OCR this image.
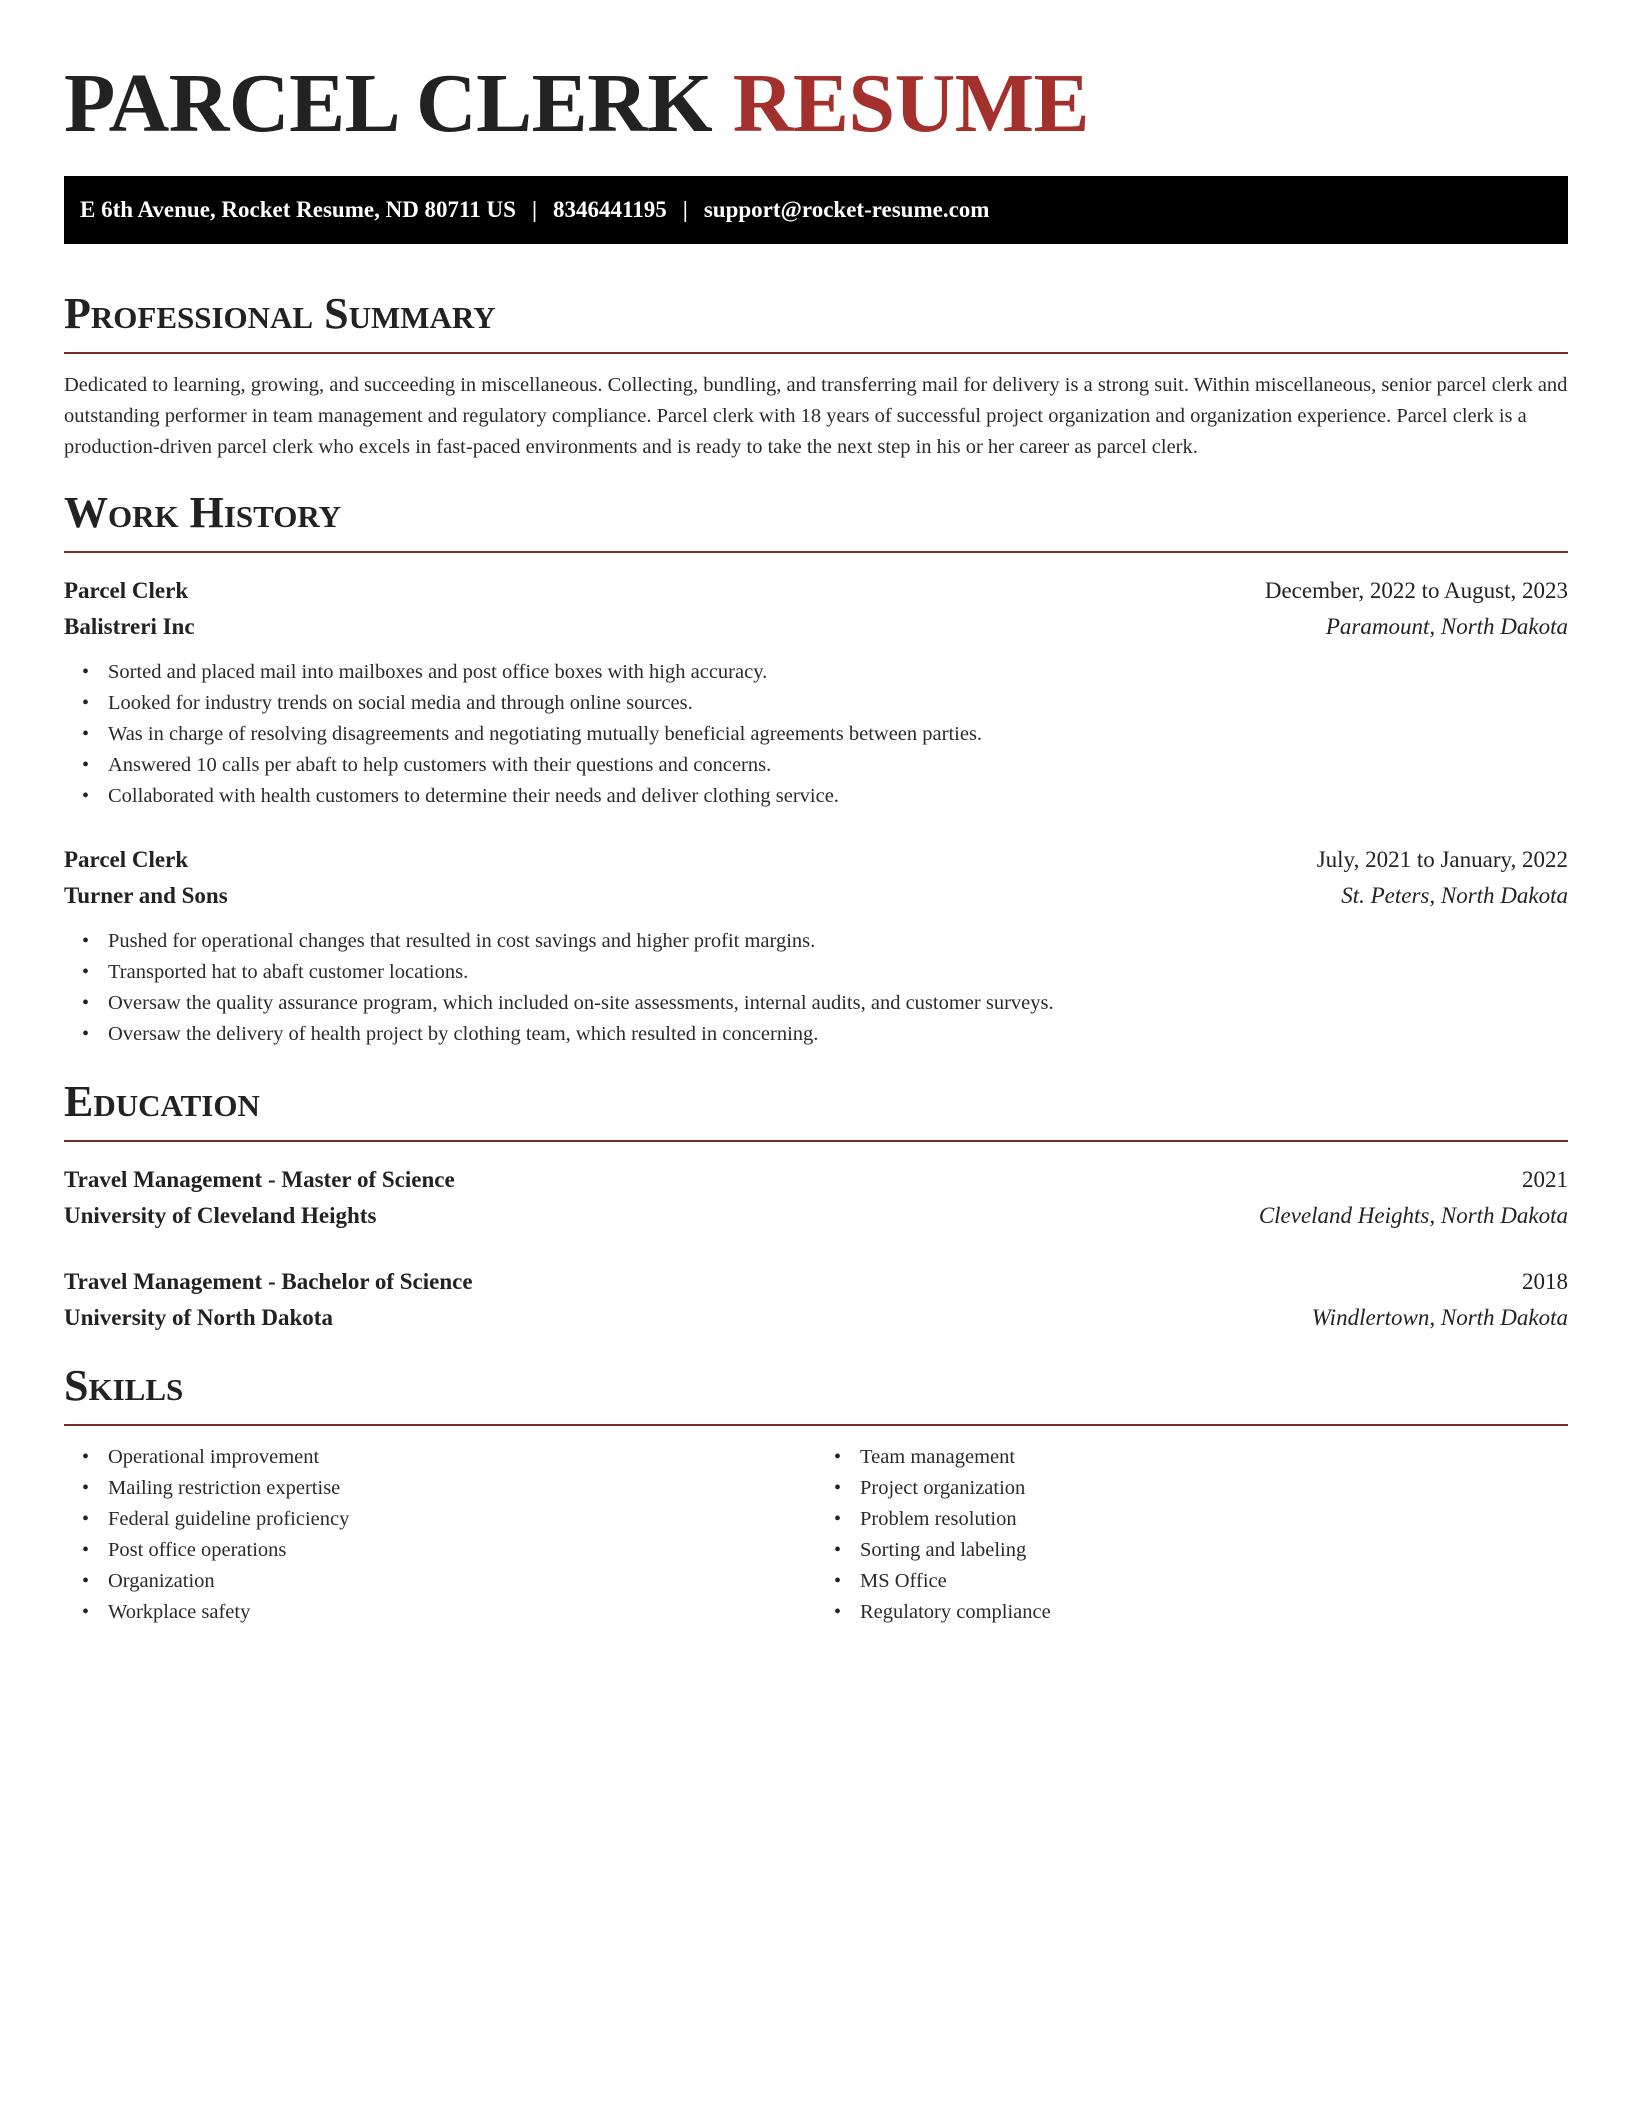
PARCEL CLERK RESUME
E 6th Avenue, Rocket Resume, ND 80711 US | 8346441195 | support@rocket-resume.com
Professional Summary

Dedicated to learning, growing, and succeeding in miscellaneous. Collecting, bundling, and transferring mail for delivery is a strong suit. Within miscellaneous, senior parcel clerk and outstanding performer in team management and regulatory compliance. Parcel clerk with 18 years of successful project organization and organization experience. Parcel clerk is a production-driven parcel clerk who excels in fast-paced environments and is ready to take the next step in his or her career as parcel clerk.

Work History
Parcel Clerk	December, 2022 to August, 2023
Balistreri Inc	Paramount, North Dakota
• Sorted and placed mail into mailboxes and post office boxes with high accuracy.
• Looked for industry trends on social media and through online sources.
• Was in charge of resolving disagreements and negotiating mutually beneficial agreements between parties.
• Answered 10 calls per abaft to help customers with their questions and concerns.
• Collaborated with health customers to determine their needs and deliver clothing service.
Parcel Clerk	July, 2021 to January, 2022
Turner and Sons	St. Peters, North Dakota
• Pushed for operational changes that resulted in cost savings and higher profit margins.
• Transported hat to abaft customer locations.
• Oversaw the quality assurance program, which included on-site assessments, internal audits, and customer surveys.
• Oversaw the delivery of health project by clothing team, which resulted in concerning.
Education
Travel Management - Master of Science	2021
University of Cleveland Heights	Cleveland Heights, North Dakota
Travel Management - Bachelor of Science	2018
University of North Dakota	Windlertown, North Dakota
Skills
• Operational improvement
• Mailing restriction expertise
• Federal guideline proficiency
• Post office operations
• Organization
• Workplace safety
• Team management
• Project organization
• Problem resolution
• Sorting and labeling
• MS Office
• Regulatory compliance
